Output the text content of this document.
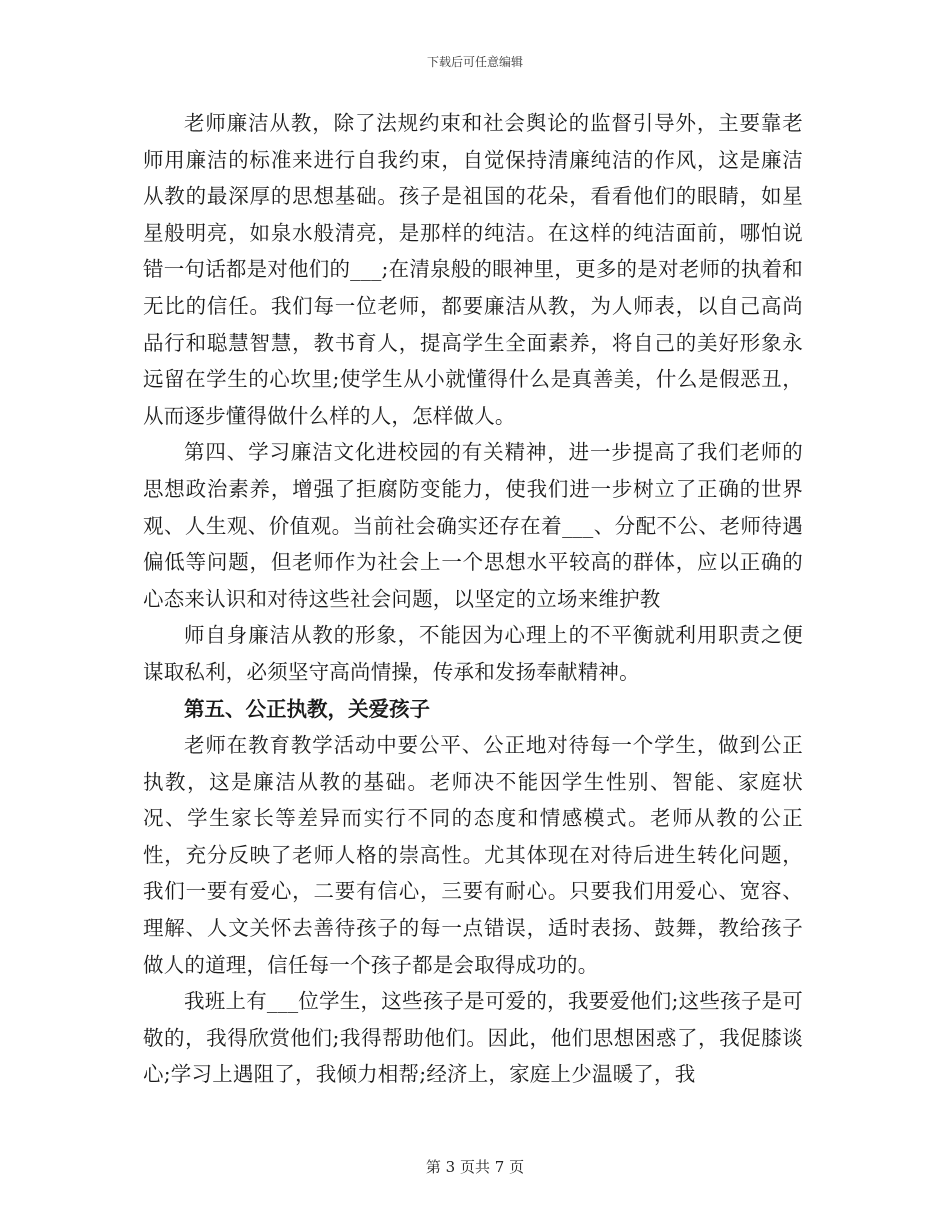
下载后可任意编辑

老师廉洁从教，除了法规约束和社会舆论的监督引导外，主要靠老师用廉洁的标准来进行自我约束，自觉保持清廉纯洁的作风，这是廉洁从教的最深厚的思想基础。孩子是祖国的花朵，看看他们的眼睛，如星星般明亮，如泉水般清亮，是那样的纯洁。在这样的纯洁面前，哪怕说错一句话都是对他们的___;在清泉般的眼神里，更多的是对老师的执着和无比的信任。我们每一位老师，都要廉洁从教，为人师表，以自己高尚品行和聪慧智慧，教书育人，提高学生全面素养，将自己的美好形象永远留在学生的心坎里;使学生从小就懂得什么是真善美，什么是假恶丑，从而逐步懂得做什么样的人，怎样做人。

第四、学习廉洁文化进校园的有关精神，进一步提高了我们老师的思想政治素养，增强了拒腐防变能力，使我们进一步树立了正确的世界观、人生观、价值观。当前社会确实还存在着___、分配不公、老师待遇偏低等问题，但老师作为社会上一个思想水平较高的群体，应以正确的心态来认识和对待这些社会问题，以坚定的立场来维护教

师自身廉洁从教的形象，不能因为心理上的不平衡就利用职责之便谋取私利，必须坚守高尚情操，传承和发扬奉献精神。

第五、公正执教，关爱孩子

老师在教育教学活动中要公平、公正地对待每一个学生，做到公正执教，这是廉洁从教的基础。老师决不能因学生性别、智能、家庭状况、学生家长等差异而实行不同的态度和情感模式。老师从教的公正性，充分反映了老师人格的崇高性。尤其体现在对待后进生转化问题，我们一要有爱心，二要有信心，三要有耐心。只要我们用爱心、宽容、理解、人文关怀去善待孩子的每一点错误，适时表扬、鼓舞，教给孩子做人的道理，信任每一个孩子都是会取得成功的。

我班上有___位学生，这些孩子是可爱的，我要爱他们;这些孩子是可敬的，我得欣赏他们;我得帮助他们。因此，他们思想困惑了，我促膝谈心;学习上遇阻了，我倾力相帮;经济上，家庭上少温暖了，我

第 3 页共 7 页
